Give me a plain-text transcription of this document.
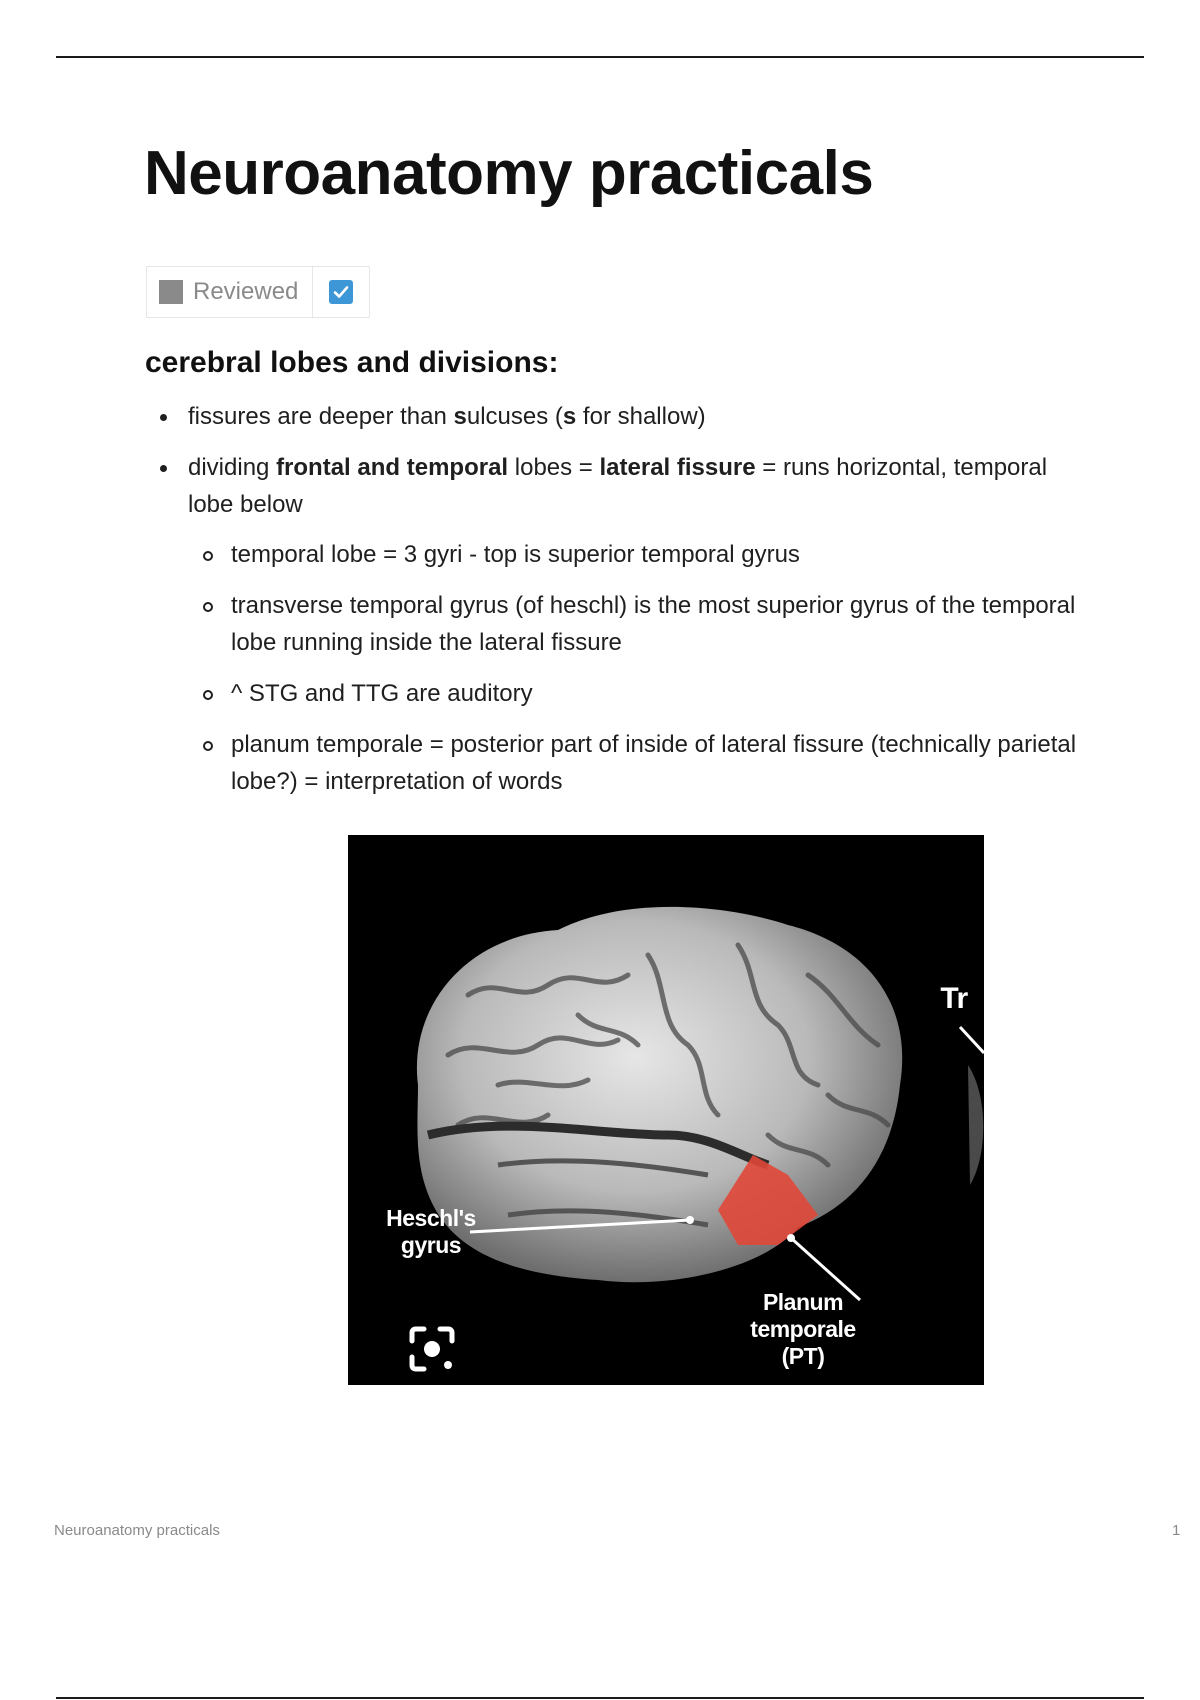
Neuroanatomy practicals
Reviewed
cerebral lobes and divisions:
fissures are deeper than sulcuses (s for shallow)
dividing frontal and temporal lobes = lateral fissure = runs horizontal, temporal lobe below
temporal lobe = 3 gyri - top is superior temporal gyrus
transverse temporal gyrus (of heschl) is the most superior gyrus of the temporal lobe running inside the lateral fissure
^ STG and TTG are auditory
planum temporale = posterior part of inside of lateral fissure (technically parietal lobe?) = interpretation of words
Heschl's gyrus
Planum temporale (PT)
Tr
Neuroanatomy practicals	1
